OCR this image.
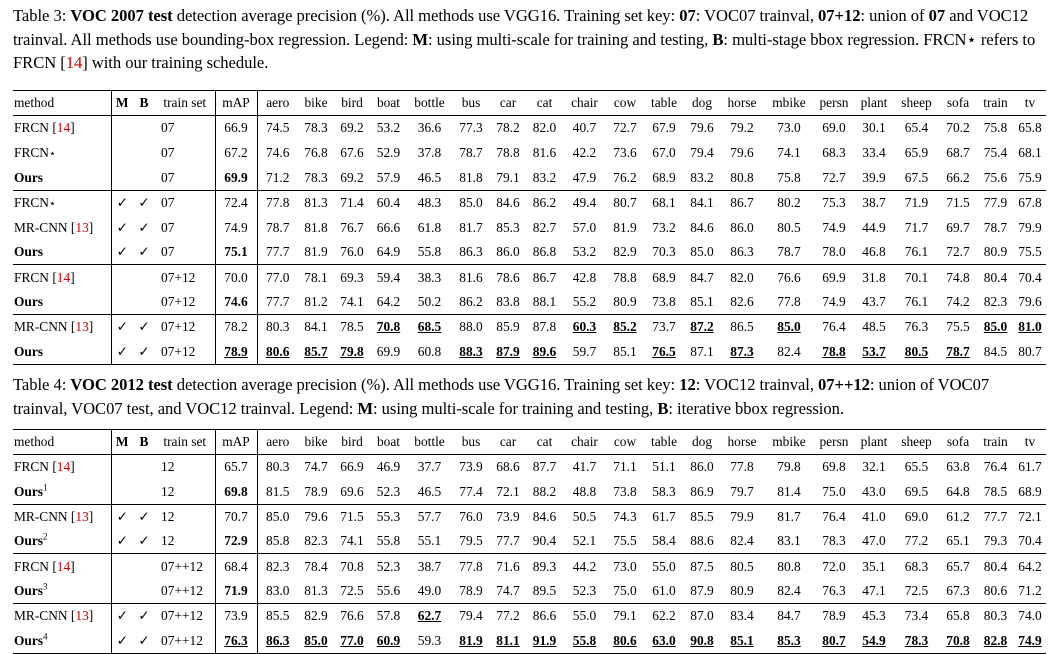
Table 3: VOC 2007 test detection average precision (%). All methods use VGG16. Training set key: 07: VOC07 trainval, 07+12: union of 07 and VOC12 trainval. All methods use bounding-box regression. Legend: M: using multi-scale for training and testing, B: multi-stage bbox regression. FRCN⋆ refers to FRCN [14] with our training schedule.
method	M	B	train set	mAP	aero	bike	bird	boat	bottle	bus	car	cat	chair	cow	table	dog	horse	mbike	persn	plant	sheep	sofa	train	tv
FRCN [14]			07	66.9	74.5	78.3	69.2	53.2	36.6	77.3	78.2	82.0	40.7	72.7	67.9	79.6	79.2	73.0	69.0	30.1	65.4	70.2	75.8	65.8
FRCN⋆			07	67.2	74.6	76.8	67.6	52.9	37.8	78.7	78.8	81.6	42.2	73.6	67.0	79.4	79.6	74.1	68.3	33.4	65.9	68.7	75.4	68.1
Ours			07	69.9	71.2	78.3	69.2	57.9	46.5	81.8	79.1	83.2	47.9	76.2	68.9	83.2	80.8	75.8	72.7	39.9	67.5	66.2	75.6	75.9
FRCN⋆	✓	✓	07	72.4	77.8	81.3	71.4	60.4	48.3	85.0	84.6	86.2	49.4	80.7	68.1	84.1	86.7	80.2	75.3	38.7	71.9	71.5	77.9	67.8
MR-CNN [13]	✓	✓	07	74.9	78.7	81.8	76.7	66.6	61.8	81.7	85.3	82.7	57.0	81.9	73.2	84.6	86.0	80.5	74.9	44.9	71.7	69.7	78.7	79.9
Ours	✓	✓	07	75.1	77.7	81.9	76.0	64.9	55.8	86.3	86.0	86.8	53.2	82.9	70.3	85.0	86.3	78.7	78.0	46.8	76.1	72.7	80.9	75.5
FRCN [14]			07+12	70.0	77.0	78.1	69.3	59.4	38.3	81.6	78.6	86.7	42.8	78.8	68.9	84.7	82.0	76.6	69.9	31.8	70.1	74.8	80.4	70.4
Ours			07+12	74.6	77.7	81.2	74.1	64.2	50.2	86.2	83.8	88.1	55.2	80.9	73.8	85.1	82.6	77.8	74.9	43.7	76.1	74.2	82.3	79.6
MR-CNN [13]	✓	✓	07+12	78.2	80.3	84.1	78.5	70.8	68.5	88.0	85.9	87.8	60.3	85.2	73.7	87.2	86.5	85.0	76.4	48.5	76.3	75.5	85.0	81.0
Ours	✓	✓	07+12	78.9	80.6	85.7	79.8	69.9	60.8	88.3	87.9	89.6	59.7	85.1	76.5	87.1	87.3	82.4	78.8	53.7	80.5	78.7	84.5	80.7
Table 4: VOC 2012 test detection average precision (%). All methods use VGG16. Training set key: 12: VOC12 trainval, 07++12: union of VOC07 trainval, VOC07 test, and VOC12 trainval. Legend: M: using multi-scale for training and testing, B: iterative bbox regression.
method	M	B	train set	mAP	aero	bike	bird	boat	bottle	bus	car	cat	chair	cow	table	dog	horse	mbike	persn	plant	sheep	sofa	train	tv
FRCN [14]			12	65.7	80.3	74.7	66.9	46.9	37.7	73.9	68.6	87.7	41.7	71.1	51.1	86.0	77.8	79.8	69.8	32.1	65.5	63.8	76.4	61.7
Ours$^1$			12	69.8	81.5	78.9	69.6	52.3	46.5	77.4	72.1	88.2	48.8	73.8	58.3	86.9	79.7	81.4	75.0	43.0	69.5	64.8	78.5	68.9
MR-CNN [13]	✓	✓	12	70.7	85.0	79.6	71.5	55.3	57.7	76.0	73.9	84.6	50.5	74.3	61.7	85.5	79.9	81.7	76.4	41.0	69.0	61.2	77.7	72.1
Ours$^2$	✓	✓	12	72.9	85.8	82.3	74.1	55.8	55.1	79.5	77.7	90.4	52.1	75.5	58.4	88.6	82.4	83.1	78.3	47.0	77.2	65.1	79.3	70.4
FRCN [14]			07++12	68.4	82.3	78.4	70.8	52.3	38.7	77.8	71.6	89.3	44.2	73.0	55.0	87.5	80.5	80.8	72.0	35.1	68.3	65.7	80.4	64.2
Ours$^3$			07++12	71.9	83.0	81.3	72.5	55.6	49.0	78.9	74.7	89.5	52.3	75.0	61.0	87.9	80.9	82.4	76.3	47.1	72.5	67.3	80.6	71.2
MR-CNN [13]	✓	✓	07++12	73.9	85.5	82.9	76.6	57.8	62.7	79.4	77.2	86.6	55.0	79.1	62.2	87.0	83.4	84.7	78.9	45.3	73.4	65.8	80.3	74.0
Ours$^4$	✓	✓	07++12	76.3	86.3	85.0	77.0	60.9	59.3	81.9	81.1	91.9	55.8	80.6	63.0	90.8	85.1	85.3	80.7	54.9	78.3	70.8	82.8	74.9
